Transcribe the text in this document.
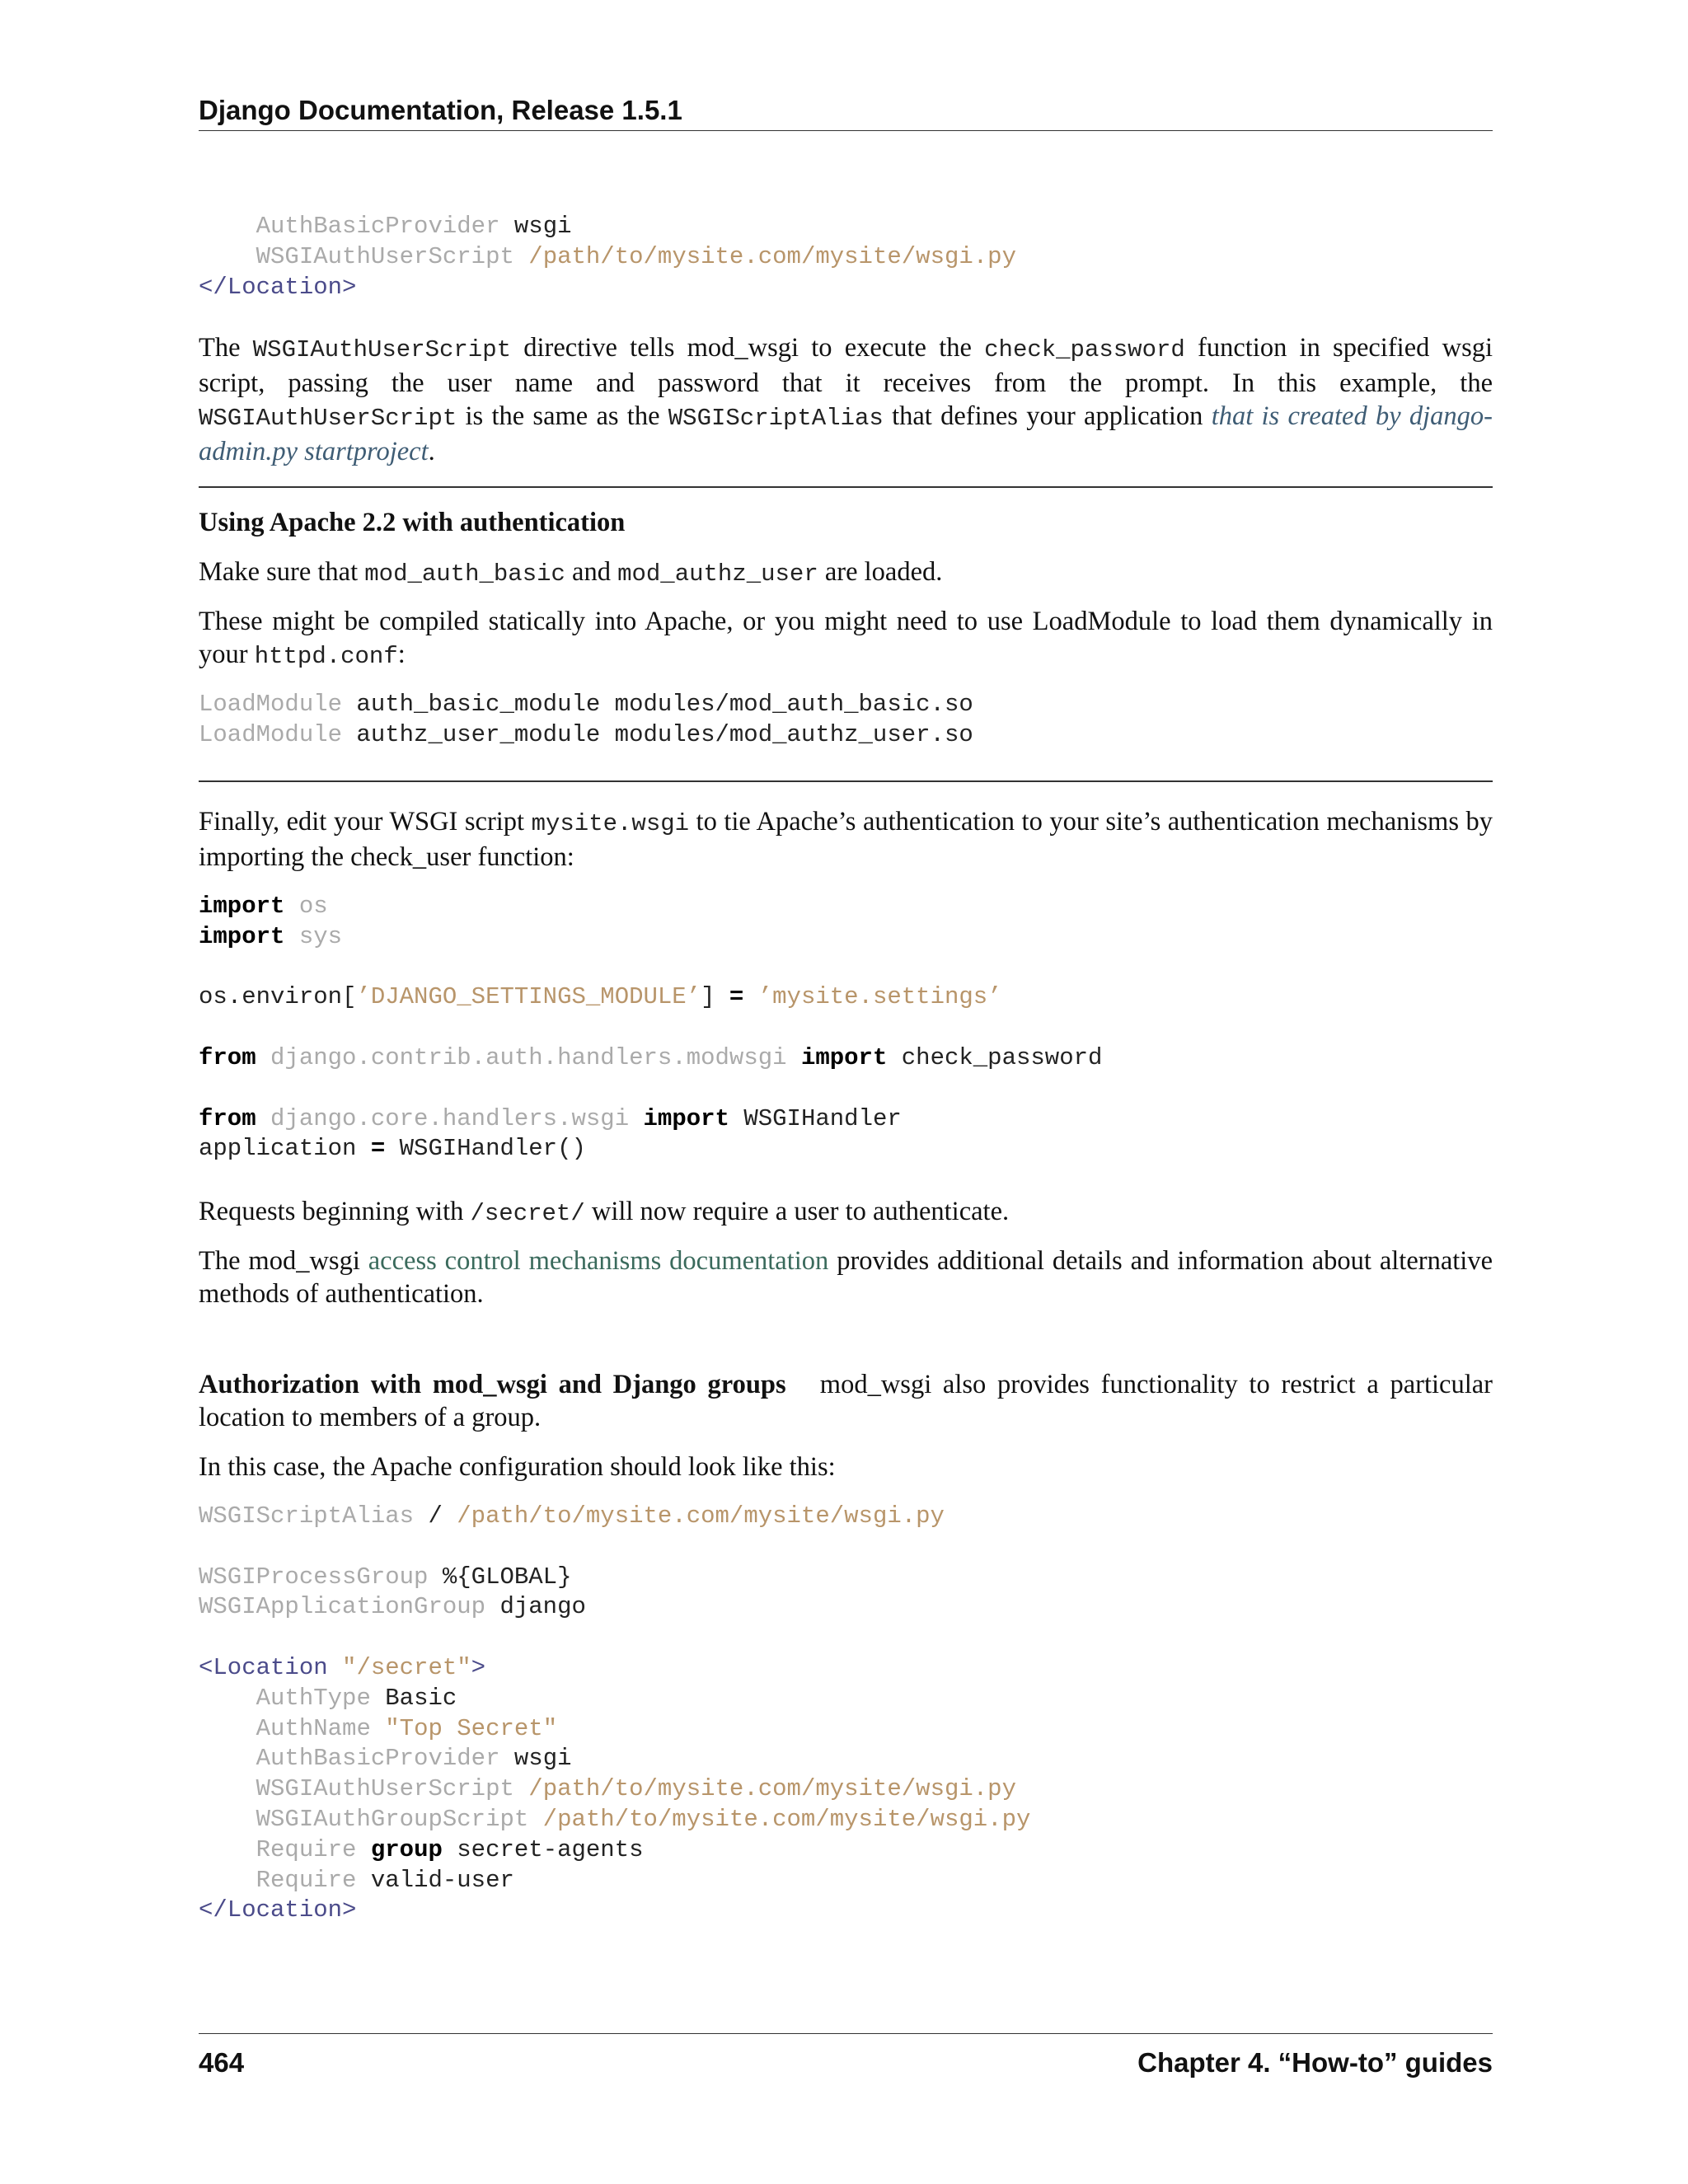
Django Documentation, Release 1.5.1
AuthBasicProvider wsgi
WSGIAuthUserScript /path/to/mysite.com/mysite/wsgi.py
</Location>

The WSGIAuthUserScript directive tells mod_wsgi to execute the check_password function in specified wsgi script, passing the user name and password that it receives from the prompt. In this example, the WSGIAuthUserScript is the same as the WSGIScriptAlias that defines your application that is created by django-admin.py startproject.

Using Apache 2.2 with authentication

Make sure that mod_auth_basic and mod_authz_user are loaded.

These might be compiled statically into Apache, or you might need to use LoadModule to load them dynamically in your httpd.conf:

LoadModule auth_basic_module modules/mod_auth_basic.so
LoadModule authz_user_module modules/mod_authz_user.so

Finally, edit your WSGI script mysite.wsgi to tie Apache’s authentication to your site’s authentication mechanisms by importing the check_user function:

import os
import sys

os.environ[’DJANGO_SETTINGS_MODULE’] = ’mysite.settings’

from django.contrib.auth.handlers.modwsgi import check_password

from django.core.handlers.wsgi import WSGIHandler
application = WSGIHandler()

Requests beginning with /secret/ will now require a user to authenticate.

The mod_wsgi access control mechanisms documentation provides additional details and information about alternative methods of authentication.

Authorization with mod_wsgi and Django groups mod_wsgi also provides functionality to restrict a particular location to members of a group.

In this case, the Apache configuration should look like this:

WSGIScriptAlias / /path/to/mysite.com/mysite/wsgi.py

WSGIProcessGroup %{GLOBAL}
WSGIApplicationGroup django

<Location "/secret">
AuthType Basic
AuthName "Top Secret"
AuthBasicProvider wsgi
WSGIAuthUserScript /path/to/mysite.com/mysite/wsgi.py
WSGIAuthGroupScript /path/to/mysite.com/mysite/wsgi.py
Require group secret-agents
Require valid-user
</Location>
464	Chapter 4. “How-to” guides
